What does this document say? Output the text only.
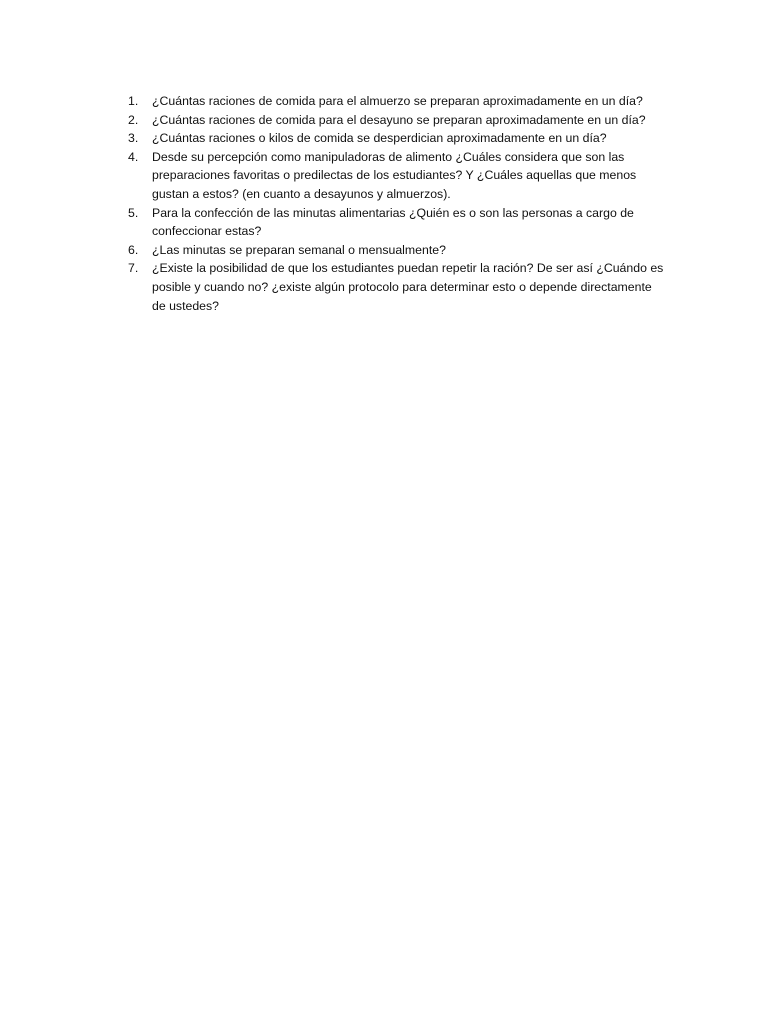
1.	¿Cuántas raciones de comida para el almuerzo se preparan aproximadamente en un día?
2.	¿Cuántas raciones de comida para el desayuno se preparan aproximadamente en un día?
3.	¿Cuántas raciones o kilos de comida se desperdician aproximadamente en un día?
4.	Desde su percepción como manipuladoras de alimento ¿Cuáles considera que son las preparaciones favoritas o predilectas de los estudiantes? Y ¿Cuáles aquellas que menos gustan a estos? (en cuanto a desayunos y almuerzos).
5.	Para la confección de las minutas alimentarias ¿Quién es o son las personas a cargo de confeccionar estas?
6.	¿Las minutas se preparan semanal o mensualmente?
7.	¿Existe la posibilidad de que los estudiantes puedan repetir la ración? De ser así ¿Cuándo es posible y cuando no? ¿existe algún protocolo para determinar esto o depende directamente de ustedes?
